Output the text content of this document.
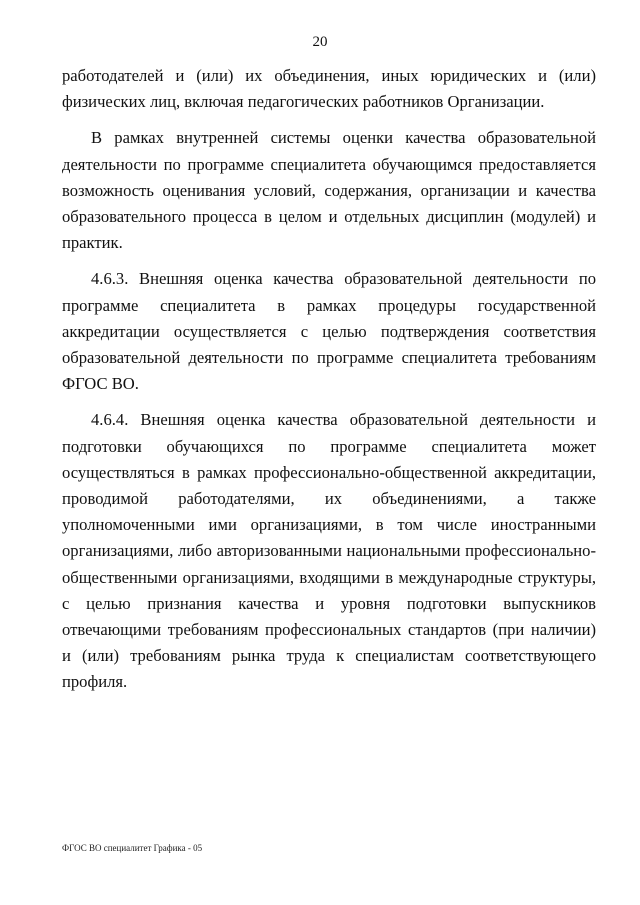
20

работодателей и (или) их объединения, иных юридических и (или) физических лиц, включая педагогических работников Организации.

В рамках внутренней системы оценки качества образовательной деятельности по программе специалитета обучающимся предоставляется возможность оценивания условий, содержания, организации и качества образовательного процесса в целом и отдельных дисциплин (модулей) и практик.

4.6.3. Внешняя оценка качества образовательной деятельности по программе специалитета в рамках процедуры государственной аккредитации осуществляется с целью подтверждения соответствия образовательной деятельности по программе специалитета требованиям ФГОС ВО.

4.6.4. Внешняя оценка качества образовательной деятельности и подготовки обучающихся по программе специалитета может осуществляться в рамках профессионально-общественной аккредитации, проводимой работодателями, их объединениями, а также уполномоченными ими организациями, в том числе иностранными организациями, либо авторизованными национальными профессионально-общественными организациями, входящими в международные структуры, с целью признания качества и уровня подготовки выпускников отвечающими требованиям профессиональных стандартов (при наличии) и (или) требованиям рынка труда к специалистам соответствующего профиля.

ФГОС ВО специалитет Графика - 05
